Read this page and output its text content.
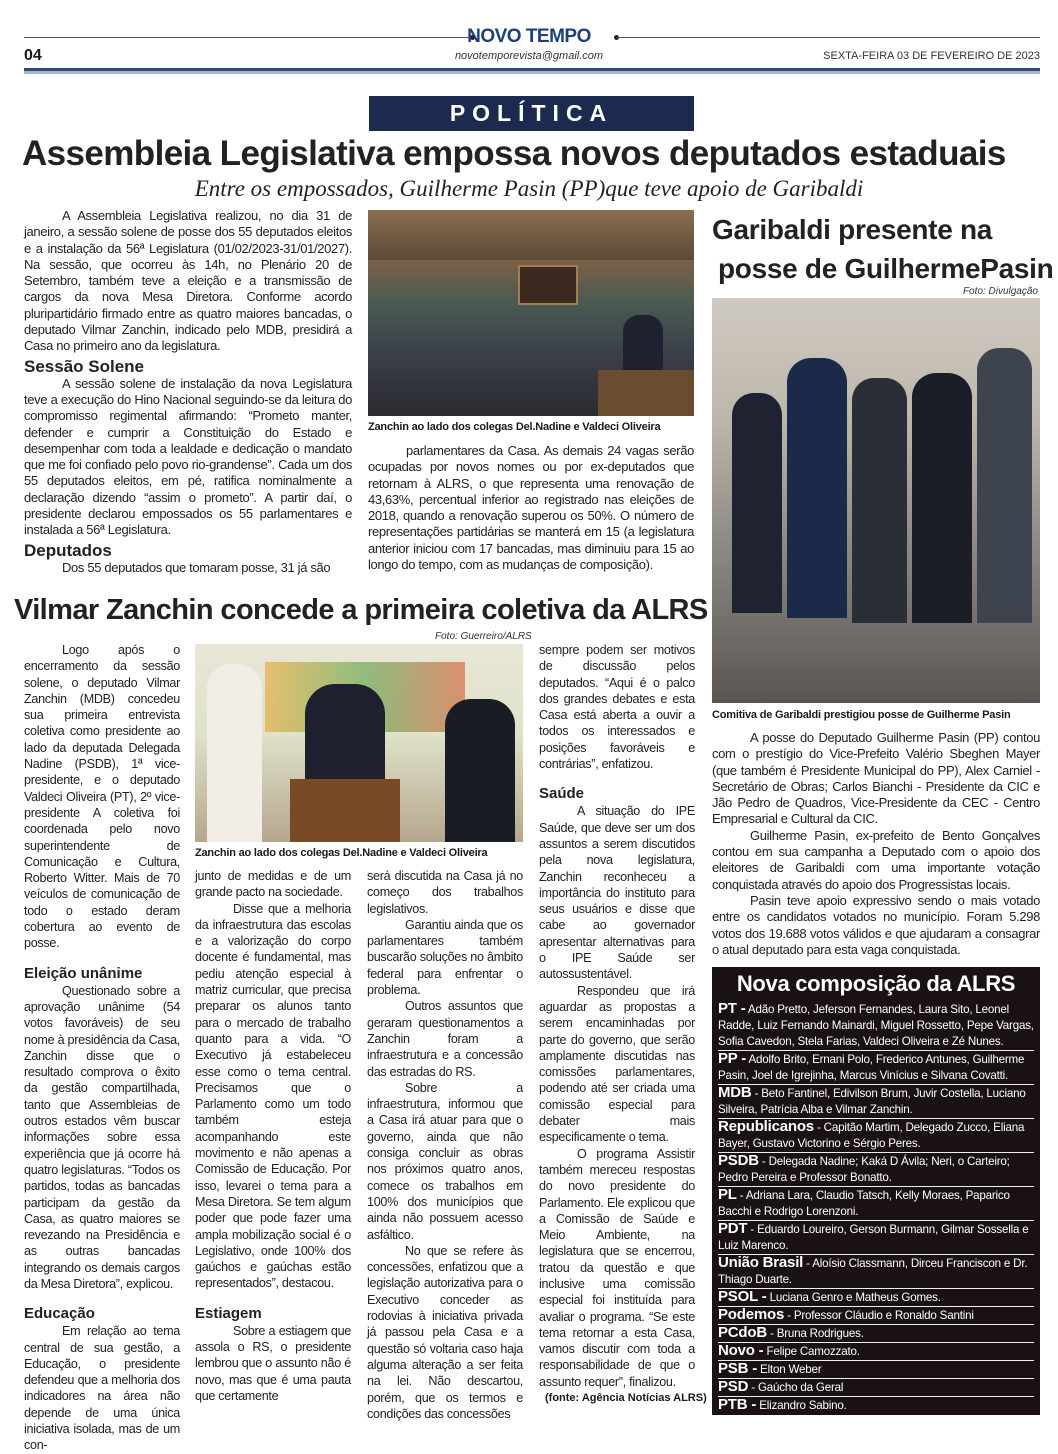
NOVO TEMPO
novotemporevista@gmail.com
04	SEXTA-FEIRA 03 DE FEVEREIRO DE 2023
POLÍTICA
Assembleia Legislativa empossa novos deputados estaduais
Entre os empossados, Guilherme Pasin (PP)que teve apoio de Garibaldi

A Assembleia Legislativa realizou, no dia 31 de janeiro, a sessão solene de posse dos 55 deputados eleitos e a instalação da 56ª Legislatura (01/02/2023-31/01/2027). Na sessão, que ocorreu às 14h, no Plenário 20 de Setembro, também teve a eleição e a transmissão de cargos da nova Mesa Diretora. Conforme acordo pluripartidário firmado entre as quatro maiores bancadas, o deputado Vilmar Zanchin, indicado pelo MDB, presidirá a Casa no primeiro ano da legislatura.

Sessão Solene

A sessão solene de instalação da nova Legislatura teve a execução do Hino Nacional seguindo-se da leitura do compromisso regimental afirmando: “Prometo manter, defender e cumprir a Constituição do Estado e desempenhar com toda a lealdade e dedicação o mandato que me foi confiado pelo povo rio-grandense”. Cada um dos 55 deputados eleitos, em pé, ratifica nominalmente a declaração dizendo “assim o prometo”. A partir daí, o presidente declarou empossados os 55 parlamentares e instalada a 56ª Legislatura.

Deputados

Dos 55 deputados que tomaram posse, 31 já são

Zanchin ao lado dos colegas Del.Nadine e Valdeci Oliveira

parlamentares da Casa. As demais 24 vagas serão ocupadas por novos nomes ou por ex-deputados que retornam à ALRS, o que representa uma renovação de 43,63%, percentual inferior ao registrado nas eleições de 2018, quando a renovação superou os 50%. O número de representações partidárias se manterá em 15 (a legislatura anterior iniciou com 17 bancadas, mas diminuiu para 15 ao longo do tempo, com as mudanças de composição).

Garibaldi presente na
posse de GuilhermePasin
Foto: Divulgação
Comitiva de Garibaldi prestigiou posse de Guilherme Pasin

A posse do Deputado Guilherme Pasin (PP) contou com o prestígio do Vice-Prefeito Valério Sbeghen Mayer (que também é Presidente Municipal do PP), Alex Carniel - Secretário de Obras; Carlos Bianchi - Presidente da CIC e Jão Pedro de Quadros, Vice-Presidente da CEC - Centro Empresarial e Cultural da CIC.

Guilherme Pasin, ex-prefeito de Bento Gonçalves contou em sua campanha a Deputado com o apoio dos eleitores de Garibaldi com uma importante votação conquistada através do apoio dos Progressistas locais.

Pasin teve apoio expressivo sendo o mais votado entre os candidatos votados no município. Foram 5.298 votos dos 19.688 votos válidos e que ajudaram a consagrar o atual deputado para esta vaga conquistada.

Nova composição da ALRS
PT - Adão Pretto, Jeferson Fernandes, Laura Sito, Leonel Radde, Luiz Fernando Mainardi, Miguel Rossetto, Pepe Vargas, Sofia Cavedon, Stela Farias, Valdeci Oliveira e Zé Nunes.
PP - Adolfo Brito, Ernani Polo, Frederico Antunes, Guilherme Pasin, Joel de Igrejinha, Marcus Vinícius e Silvana Covatti.
MDB - Beto Fantinel, Edivilson Brum, Juvir Costella, Luciano Silveira, Patrícia Alba e Vilmar Zanchin.
Republicanos - Capitão Martim, Delegado Zucco, Eliana Bayer, Gustavo Victorino e Sérgio Peres.
PSDB - Delegada Nadine; Kaká D Ávila; Neri, o Carteiro; Pedro Pereira e Professor Bonatto.
PL - Adriana Lara, Claudio Tatsch, Kelly Moraes, Paparico Bacchi e Rodrigo Lorenzoni.
PDT - Eduardo Loureiro, Gerson Burmann, Gilmar Sossella e Luiz Marenco.
União Brasil - Aloísio Classmann, Dirceu Franciscon e Dr. Thiago Duarte.
PSOL - Luciana Genro e Matheus Gomes.
Podemos - Professor Cláudio e Ronaldo Santini
PCdoB - Bruna Rodrigues.
Novo - Felipe Camozzato.
PSB - Elton Weber
PSD - Gaúcho da Geral
PTB - Elizandro Sabino.
Vilmar Zanchin concede a primeira coletiva da ALRS
Foto: Guerreiro/ALRS

Logo após o encerramento da sessão solene, o deputado Vilmar Zanchin (MDB) concedeu sua primeira entrevista coletiva como presidente ao lado da deputada Delegada Nadine (PSDB), 1ª vice-presidente, e o deputado Valdeci Oliveira (PT), 2º vice-presidente A coletiva foi coordenada pelo novo superintendente de Comunicação e Cultura, Roberto Witter. Mais de 70 veículos de comunicação de todo o estado deram cobertura ao evento de posse.

Eleição unânime

Questionado sobre a aprovação unânime (54 votos favoráveis) de seu nome à presidência da Casa, Zanchin disse que o resultado comprova o êxito da gestão compartilhada, tanto que Assembleias de outros estados vêm buscar informações sobre essa experiência que já ocorre há quatro legislaturas. “Todos os partidos, todas as bancadas participam da gestão da Casa, as quatro maiores se revezando na Presidência e as outras bancadas integrando os demais cargos da Mesa Diretora”, explicou.

Educação

Em relação ao tema central de sua gestão, a Educação, o presidente defendeu que a melhoria dos indicadores na área não depende de uma única iniciativa isolada, mas de um con-

Zanchin ao lado dos colegas Del.Nadine e Valdeci Oliveira

junto de medidas e de um grande pacto na sociedade.

Disse que a melhoria da infraestrutura das escolas e a valorização do corpo docente é fundamental, mas pediu atenção especial à matriz curricular, que precisa preparar os alunos tanto para o mercado de trabalho quanto para a vida. “O Executivo já estabeleceu esse como o tema central. Precisamos que o Parlamento como um todo também esteja acompanhando este movimento e não apenas a Comissão de Educação. Por isso, levarei o tema para a Mesa Diretora. Se tem algum poder que pode fazer uma ampla mobilização social é o Legislativo, onde 100% dos gaúchos e gaúchas estão representados”, destacou.

Estiagem

Sobre a estiagem que assola o RS, o presidente lembrou que o assunto não é novo, mas que é uma pauta que certamente

será discutida na Casa já no começo dos trabalhos legislativos.

Garantiu ainda que os parlamentares também buscarão soluções no âmbito federal para enfrentar o problema.

Outros assuntos que geraram questionamentos a Zanchin foram a infraestrutura e a concessão das estradas do RS.

Sobre a infraestrutura, informou que a Casa irá atuar para que o governo, ainda que não consiga concluir as obras nos próximos quatro anos, comece os trabalhos em 100% dos municípios que ainda não possuem acesso asfáltico.

No que se refere às concessões, enfatizou que a legislação autorizativa para o Executivo conceder as rodovias à iniciativa privada já passou pela Casa e a questão só voltaria caso haja alguma alteração a ser feita na lei. Não descartou, porém, que os termos e condições das concessões

sempre podem ser motivos de discussão pelos deputados. “Aqui é o palco dos grandes debates e esta Casa está aberta a ouvir a todos os interessados e posições favoráveis e contrárias”, enfatizou.

Saúde

A situação do IPE Saúde, que deve ser um dos assuntos a serem discutidos pela nova legislatura, Zanchin reconheceu a importância do instituto para seus usuários e disse que cabe ao governador apresentar alternativas para o IPE Saúde ser autossustentável.

Respondeu que irá aguardar as propostas a serem encaminhadas por parte do governo, que serão amplamente discutidas nas comissões parlamentares, podendo até ser criada uma comissão especial para debater mais especificamente o tema.

O programa Assistir também mereceu respostas do novo presidente do Parlamento. Ele explicou que a Comissão de Saúde e Meio Ambiente, na legislatura que se encerrou, tratou da questão e que inclusive uma comissão especial foi instituída para avaliar o programa. “Se este tema retornar a esta Casa, vamos discutir com toda a responsabilidade de que o assunto requer”, finalizou.

(fonte: Agência Notícias ALRS)
